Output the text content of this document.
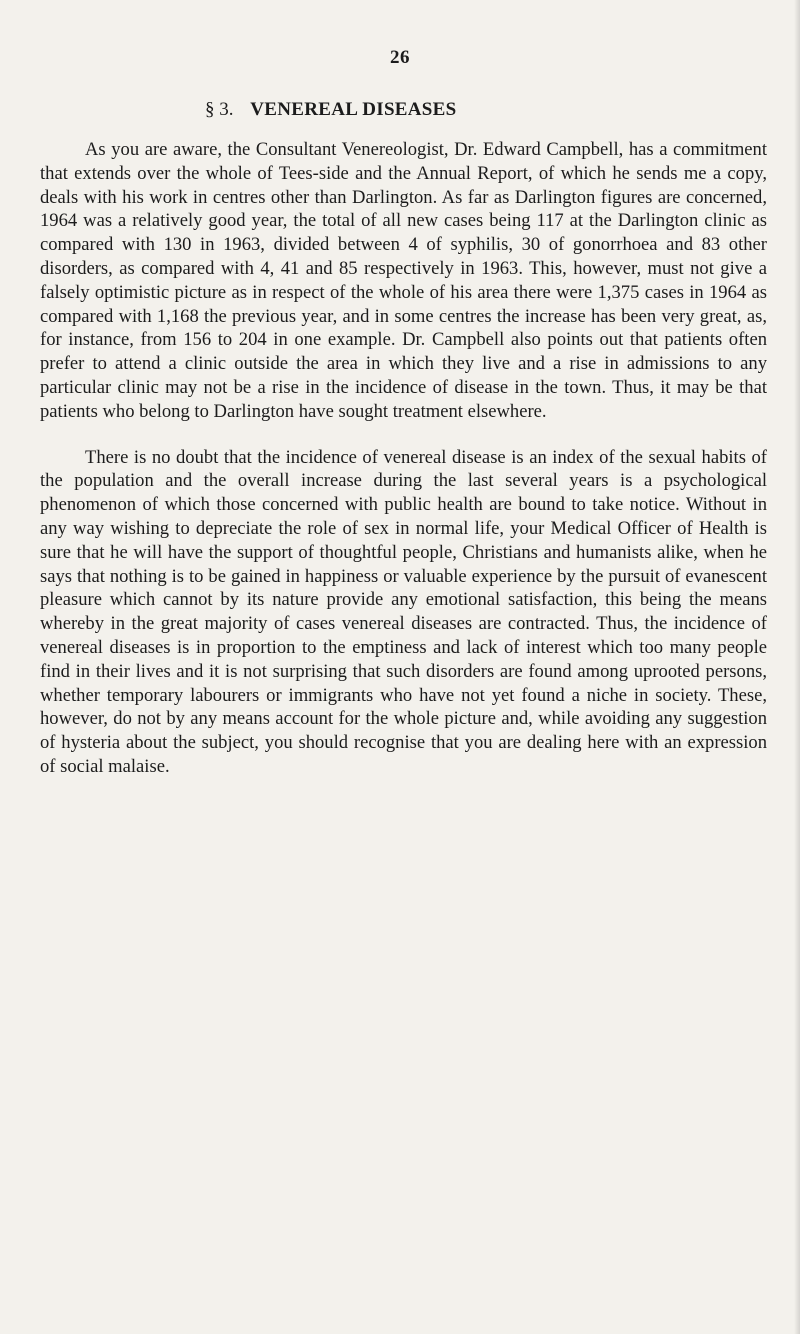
26
§ 3. VENEREAL DISEASES

As you are aware, the Consultant Venereologist, Dr. Edward Campbell, has a commitment that extends over the whole of Tees-side and the Annual Report, of which he sends me a copy, deals with his work in centres other than Darlington. As far as Darlington figures are concerned, 1964 was a relatively good year, the total of all new cases being 117 at the Darlington clinic as compared with 130 in 1963, divided between 4 of syphilis, 30 of gonorrhoea and 83 other disorders, as compared with 4, 41 and 85 respectively in 1963. This, however, must not give a falsely optimistic picture as in respect of the whole of his area there were 1,375 cases in 1964 as compared with 1,168 the previous year, and in some centres the increase has been very great, as, for instance, from 156 to 204 in one example. Dr. Campbell also points out that patients often prefer to attend a clinic outside the area in which they live and a rise in admissions to any particular clinic may not be a rise in the incidence of disease in the town. Thus, it may be that patients who belong to Darlington have sought treatment elsewhere.

There is no doubt that the incidence of venereal disease is an index of the sexual habits of the population and the overall increase during the last several years is a psychological phenomenon of which those concerned with public health are bound to take notice. Without in any way wishing to depreciate the role of sex in normal life, your Medical Officer of Health is sure that he will have the support of thoughtful people, Christians and humanists alike, when he says that nothing is to be gained in happiness or valuable experience by the pursuit of evanescent pleasure which cannot by its nature provide any emotional satisfaction, this being the means whereby in the great majority of cases venereal diseases are contracted. Thus, the incidence of venereal diseases is in proportion to the emptiness and lack of interest which too many people find in their lives and it is not surprising that such disorders are found among uprooted persons, whether temporary labourers or immigrants who have not yet found a niche in society. These, however, do not by any means account for the whole picture and, while avoiding any suggestion of hysteria about the subject, you should recognise that you are dealing here with an expression of social malaise.
